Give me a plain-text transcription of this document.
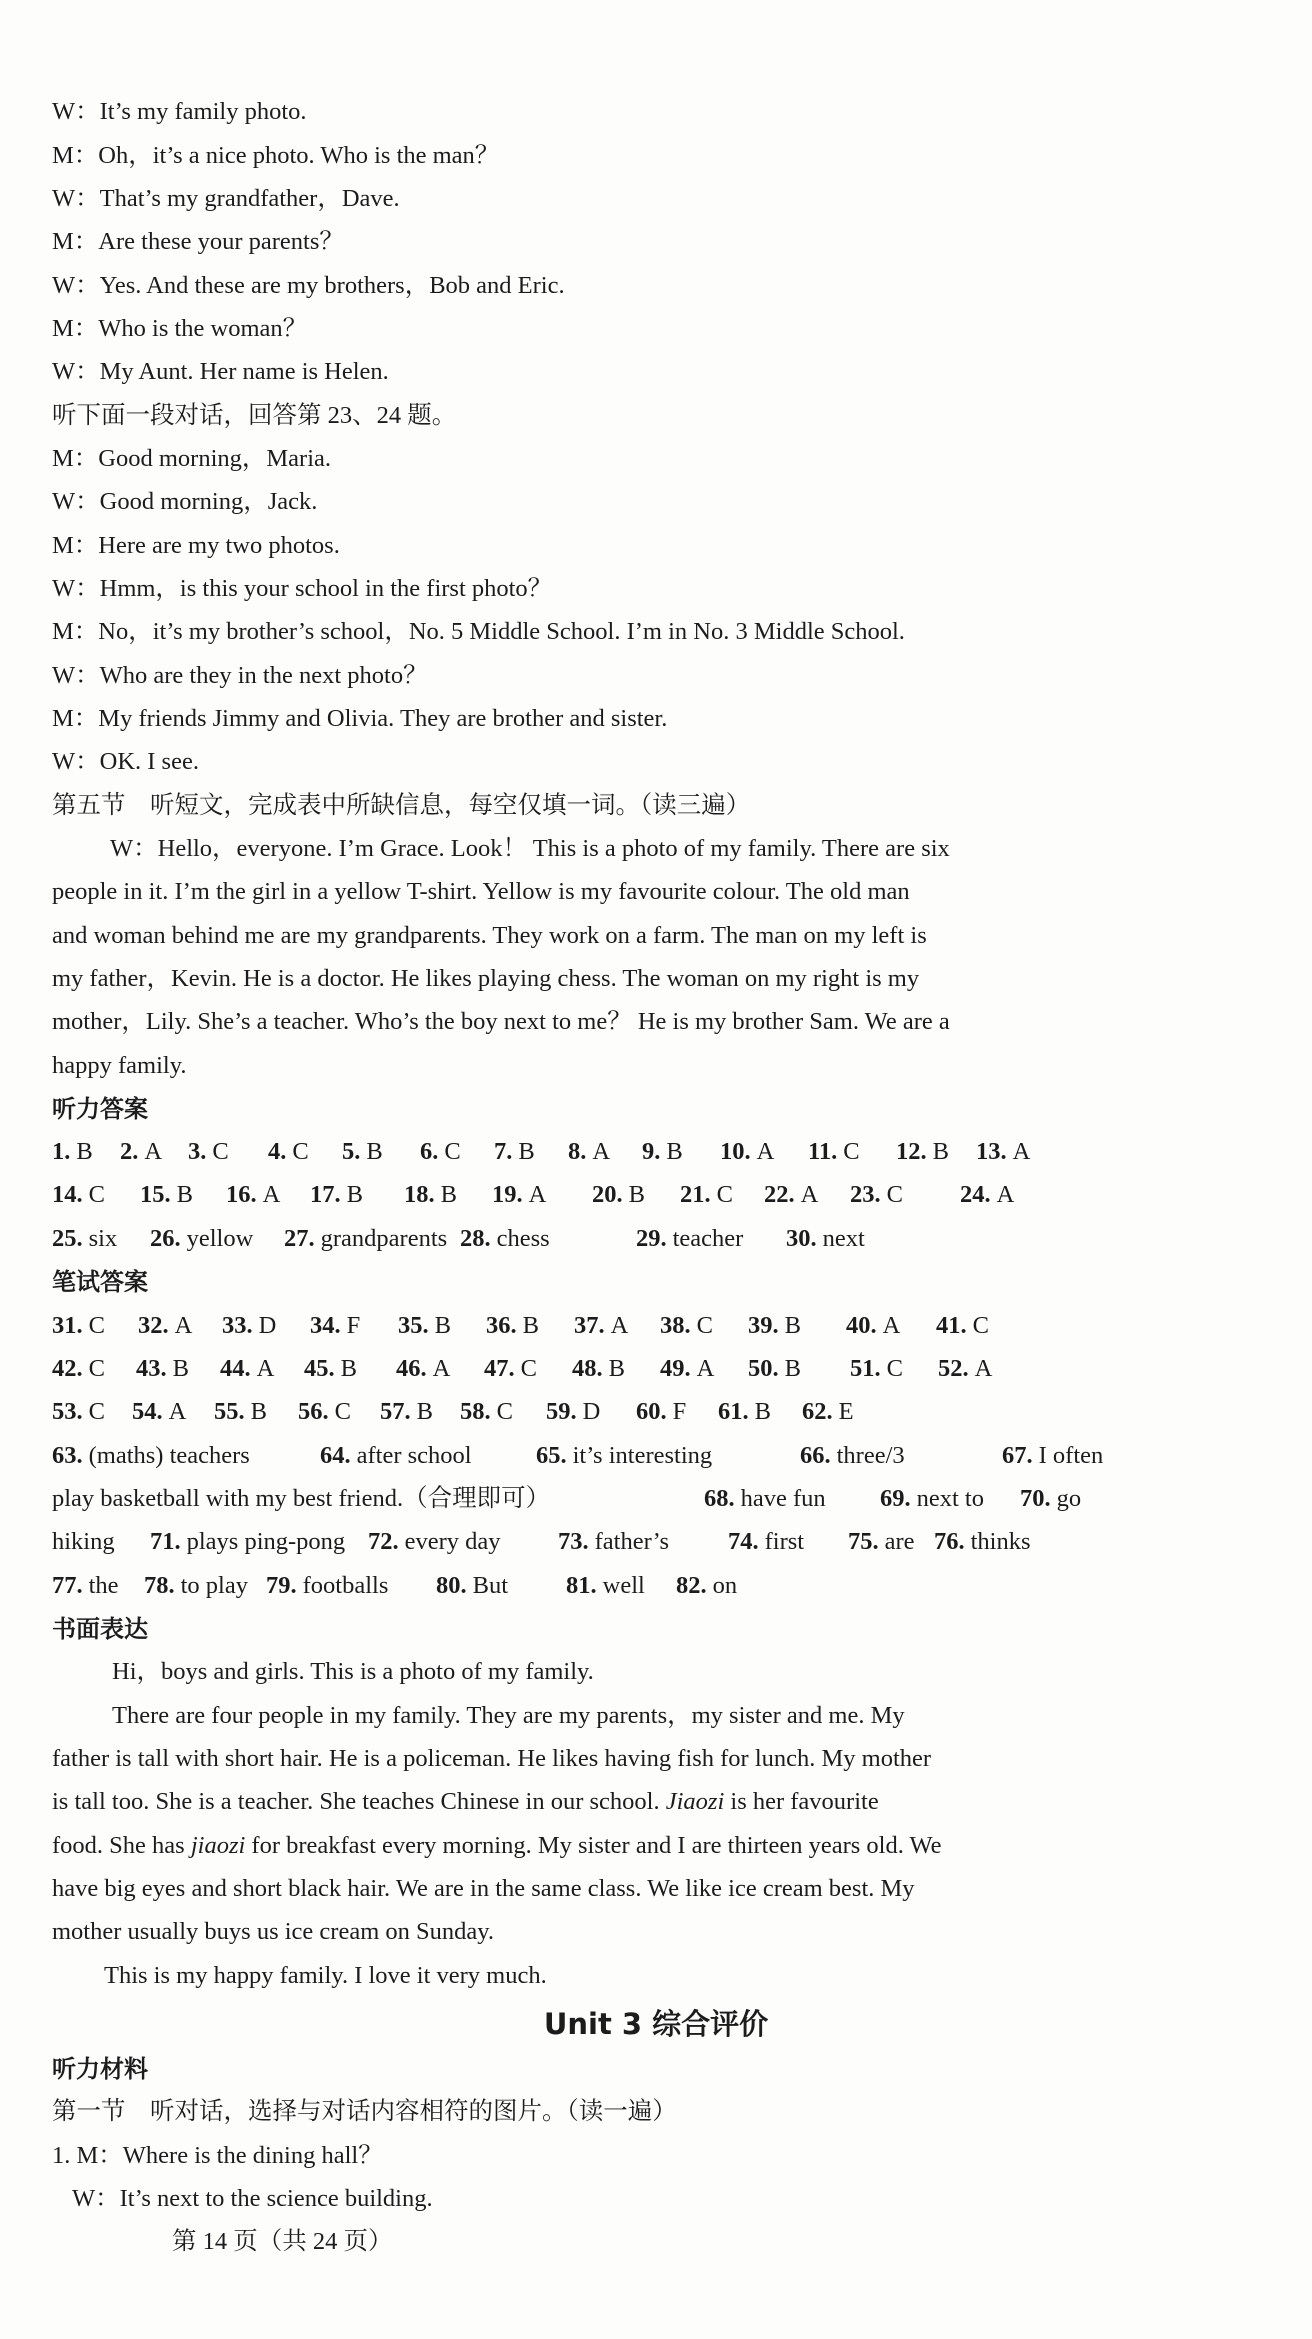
W：It’s my family photo.
M：Oh，it’s a nice photo. Who is the man？
W：That’s my grandfather，Dave.
M：Are these your parents？
W：Yes. And these are my brothers，Bob and Eric.
M：Who is the woman？
W：My Aunt. Her name is Helen.
听下面一段对话，回答第 23、24 题。
M：Good morning，Maria.
W：Good morning，Jack.
M：Here are my two photos.
W：Hmm，is this your school in the first photo？
M：No，it’s my brother’s school，No. 5 Middle School. I’m in No. 3 Middle School.
W：Who are they in the next photo？
M：My friends Jimmy and Olivia. They are brother and sister.
W：OK. I see.
第五节　听短文，完成表中所缺信息，每空仅填一词。（读三遍）
W：Hello，everyone. I’m Grace. Look！ This is a photo of my family. There are six
people in it. I’m the girl in a yellow T-shirt. Yellow is my favourite colour. The old man
and woman behind me are my grandparents. They work on a farm. The man on my left is
my father，Kevin. He is a doctor. He likes playing chess. The woman on my right is my
mother，Lily. She’s a teacher. Who’s the boy next to me？ He is my brother Sam. We are a
happy family.
听力答案
1. B 2. A 3. C 4. C 5. B 6. C 7. B 8. A 9. B 10. A 11. C 12. B 13. A
14. C 15. B 16. A 17. B 18. B 19. A 20. B 21. C 22. A 23. C 24. A
25. six 26. yellow 27. grandparents 28. chess	29. teacher 30. next
笔试答案
31. C 32. A 33. D 34. F 35. B 36. B 37. A 38. C 39. B 40. A 41. C
42. C 43. B 44. A 45. B 46. A 47. C 48. B 49. A 50. B 51. C 52. A
53. C 54. A 55. B 56. C 57. B 58. C 59. D 60. F 61. B 62. E
63. (maths) teachers	64. after school	65. it’s interesting	66. three/3	67. I often
play basketball with my best friend.（合理即可）	68. have fun 69. next to 70. go
hiking 71. plays ping-pong 72. every day 73. father’s 74. first 75. are 76. thinks
77. the 78. to play 79. footballs 80. But 81. well 82. on
书面表达
Hi，boys and girls. This is a photo of my family.
There are four people in my family. They are my parents，my sister and me. My
father is tall with short hair. He is a policeman. He likes having fish for lunch. My mother
is tall too. She is a teacher. She teaches Chinese in our school. Jiaozi is her favourite
food. She has jiaozi for breakfast every morning. My sister and I are thirteen years old. We
have big eyes and short black hair. We are in the same class. We like ice cream best. My
mother usually buys us ice cream on Sunday.
This is my happy family. I love it very much.
Unit 3 综合评价
听力材料
第一节　听对话，选择与对话内容相符的图片。（读一遍）
1. M：Where is the dining hall？
W：It’s next to the science building.
第 14 页（共 24 页）
